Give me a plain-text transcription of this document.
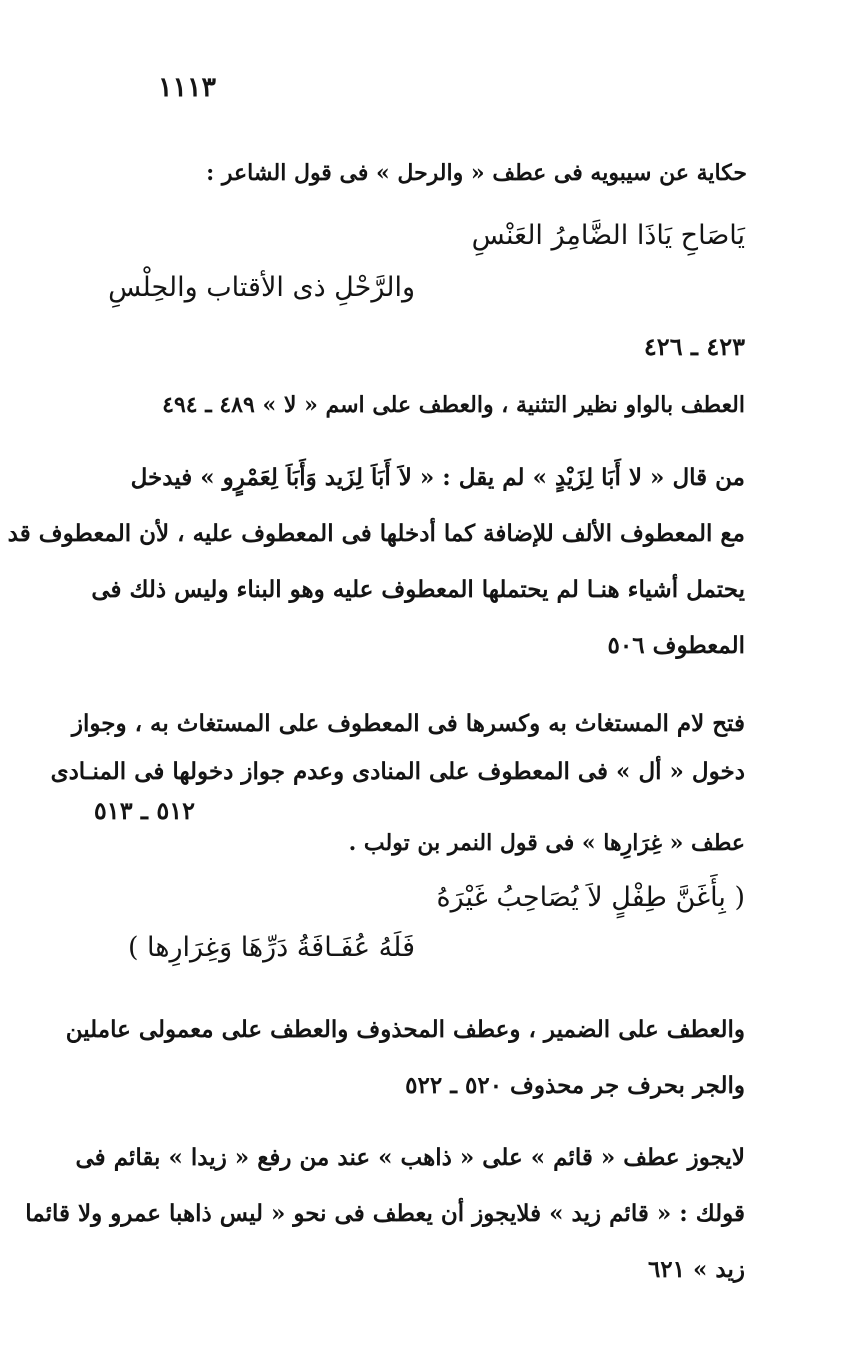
١١١٣
حكاية عن سيبويه فى عطف « والرحل » فى قول الشاعر :
يَاصَاحِ يَاذَا الضَّامِرُ العَنْسِ
والرَّحْلِ ذى الأقتاب والحِلْسِ
٤٢٣ ـ ٤٢٦
العطف بالواو نظير التثنية ، والعطف على اسم « لا » ٤٨٩ ـ ٤٩٤
من قال « لا أَبَا لِزَيْدٍ » لم يقل : « لاَ أَبَاَ لِزَيد وَأَبَاَ لِعَمْرٍو » فيدخل
مع المعطوف الألف للإضافة كما أدخلها فى المعطوف عليه ، لأن المعطوف قد
يحتمل أشياء هنـا لم يحتملها المعطوف عليه وهو البناء وليس ذلك فى
المعطوف ٥٠٦
فتح لام المستغاث به وكسرها فى المعطوف على المستغاث به ، وجواز
دخول « أل » فى المعطوف على المنادى وعدم جواز دخولها فى المنـادى
٥١٢ ـ ٥١٣
عطف « غِرَارِها » فى قول النمر بن تولب .
( بِأَغَنَّ طِفْلٍ لاَ يُصَاحِبُ غَيْرَهُ
فَلَهُ عُفَـافَةُ دَرِّهَا وَغِرَارِها )
والعطف على الضمير ، وعطف المحذوف والعطف على معمولى عاملين
والجر بحرف جر محذوف ٥٢٠ ـ ٥٢٢
لايجوز عطف « قائم » على « ذاهب » عند من رفع « زيدا » بقائم فى
قولك : « قائم زيد » فلايجوز أن يعطف فى نحو « ليس ذاهبا عمرو ولا قائما
زيد » ٦٢١
